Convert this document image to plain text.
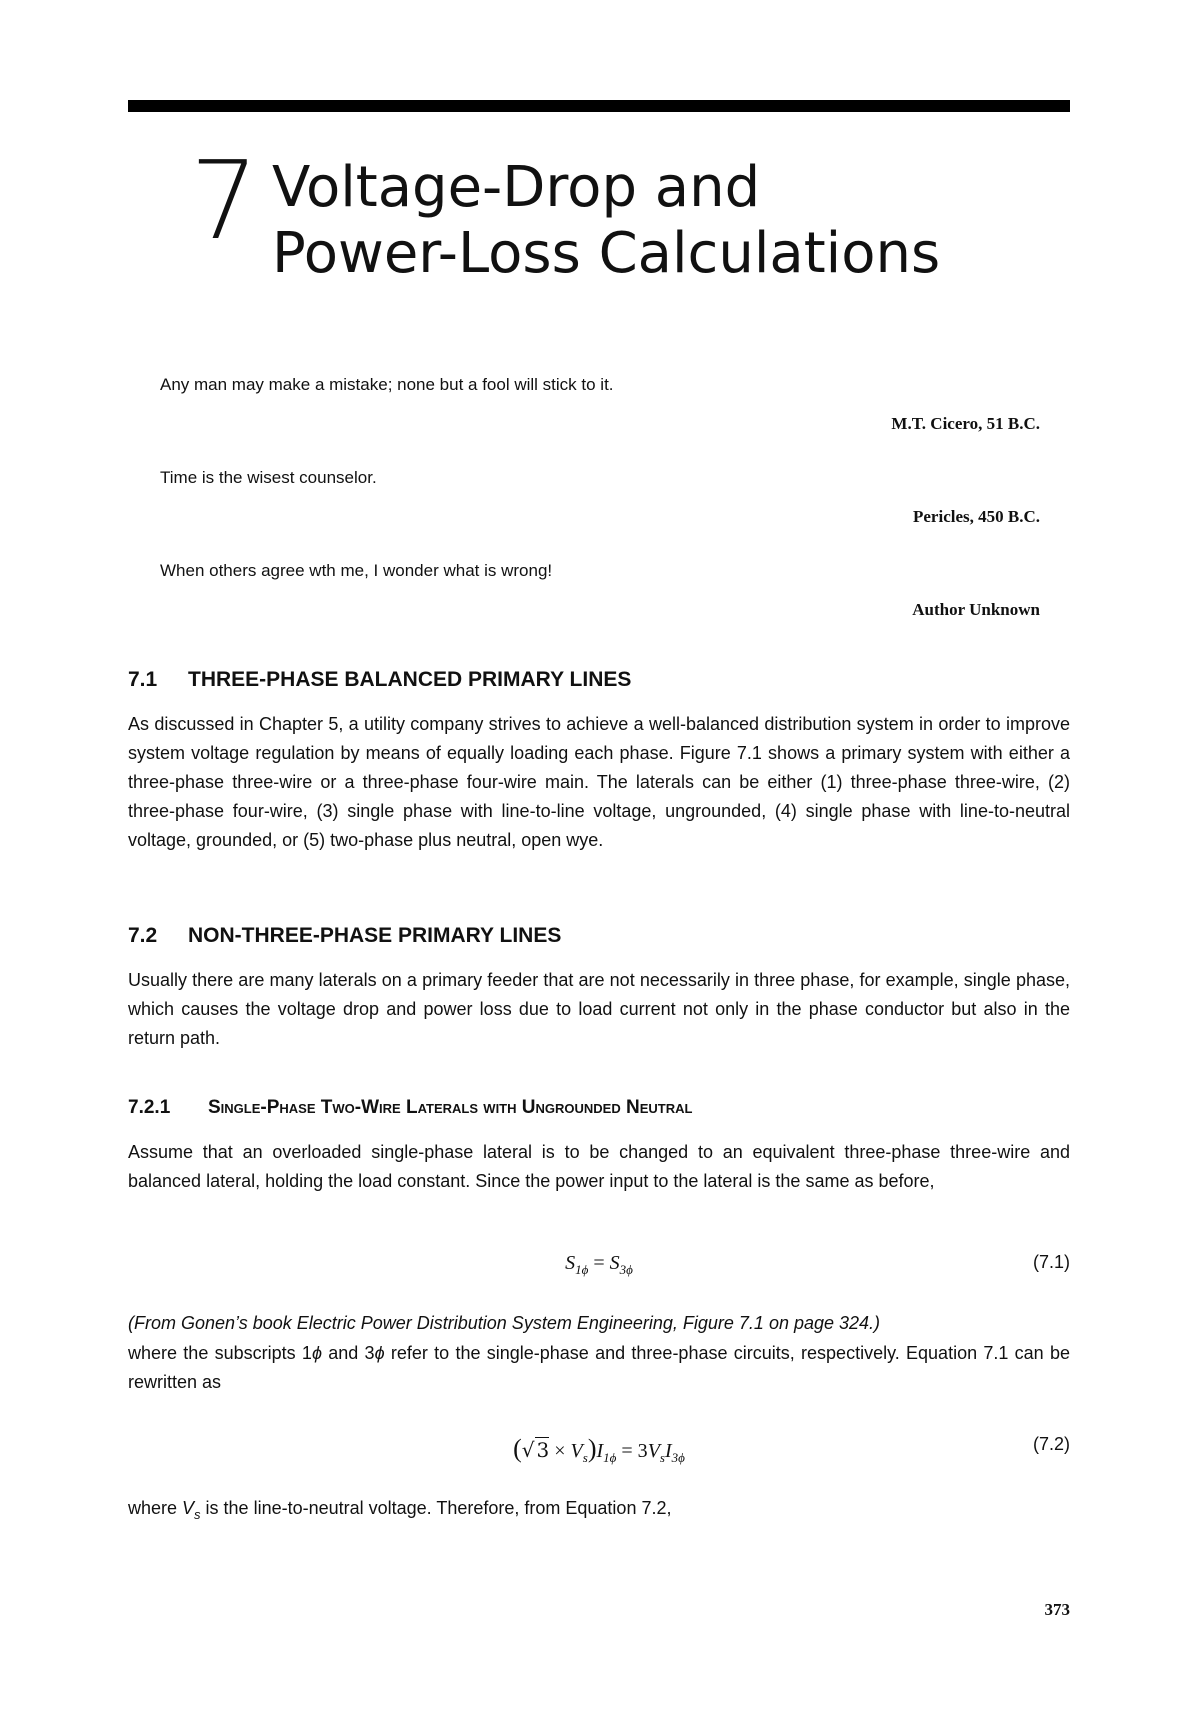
7 Voltage-Drop and
Power-Loss Calculations
Any man may make a mistake; none but a fool will stick to it.
M.T. Cicero, 51 B.C.
Time is the wisest counselor.
Pericles, 450 B.C.
When others agree wth me, I wonder what is wrong!
Author Unknown
7.1 THREE-PHASE BALANCED PRIMARY LINES
As discussed in Chapter 5, a utility company strives to achieve a well-balanced distribution system in order to improve system voltage regulation by means of equally loading each phase. Figure 7.1 shows a primary system with either a three-phase three-wire or a three-phase four-wire main. The laterals can be either (1) three-phase three-wire, (2) three-phase four-wire, (3) single phase with line-to-line voltage, ungrounded, (4) single phase with line-to-neutral voltage, grounded, or (5) two-phase plus neutral, open wye.
7.2 NON-THREE-PHASE PRIMARY LINES
Usually there are many laterals on a primary feeder that are not necessarily in three phase, for example, single phase, which causes the voltage drop and power loss due to load current not only in the phase conductor but also in the return path.
7.2.1 Single-Phase Two-Wire Laterals with Ungrounded Neutral
Assume that an overloaded single-phase lateral is to be changed to an equivalent three-phase three-wire and balanced lateral, holding the load constant. Since the power input to the lateral is the same as before,
$S_{1\phi} = S_{3\phi}$	(7.1)
(From Gonen’s book Electric Power Distribution System Engineering, Figure 7.1 on page 324.)
where the subscripts 1ϕ and 3ϕ refer to the single-phase and three-phase circuits, respectively. Equation 7.1 can be rewritten as
(√ $3 \times V_s)I_{1\phi} = 3V_sI_{3\phi}$
(7.2)
where $V_s$ is the line-to-neutral voltage. Therefore, from Equation 7.2,
373
